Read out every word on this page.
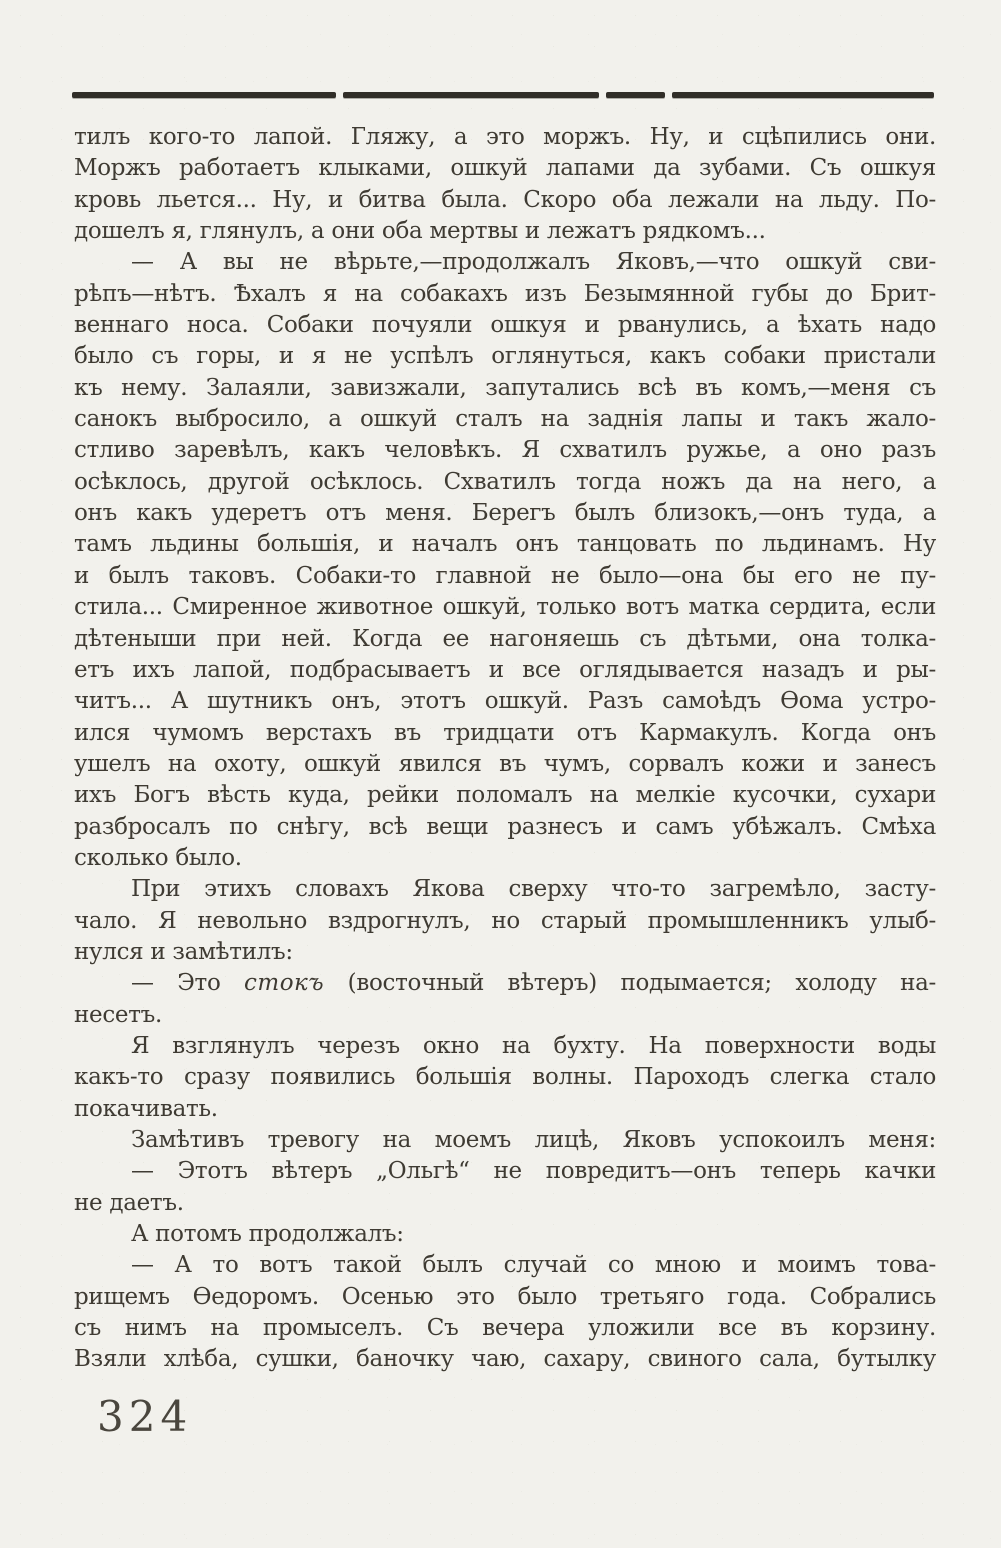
тилъ кого-то лапой. Гляжу, а это моржъ. Ну, и сцѣпились они.
Моржъ работаетъ клыками, ошкуй лапами да зубами. Съ ошкуя
кровь льется... Ну, и битва была. Скоро оба лежали на льду. По-
дошелъ я, глянулъ, а они оба мертвы и лежатъ рядкомъ...
— А вы не вѣрьте,—продолжалъ Яковъ,—что ошкуй сви-
рѣпъ—нѣтъ. Ѣхалъ я на собакахъ изъ Безымянной губы до Брит-
веннаго носа. Собаки почуяли ошкуя и рванулись, а ѣхать надо
было съ горы, и я не успѣлъ оглянуться, какъ собаки пристали
къ нему. Залаяли, завизжали, запутались всѣ въ комъ,—меня съ
санокъ выбросило, а ошкуй сталъ на заднія лапы и такъ жало-
стливо заревѣлъ, какъ человѣкъ. Я схватилъ ружье, а оно разъ
осѣклось, другой осѣклось. Схватилъ тогда ножъ да на него, а
онъ какъ удеретъ отъ меня. Берегъ былъ близокъ,—онъ туда, а
тамъ льдины большія, и началъ онъ танцовать по льдинамъ. Ну
и былъ таковъ. Собаки-то главной не было—она бы его не пу-
стила... Смиренное животное ошкуй, только вотъ матка сердита, если
дѣтеныши при ней. Когда ее нагоняешь съ дѣтьми, она толка-
етъ ихъ лапой, подбрасываетъ и все оглядывается назадъ и ры-
читъ... А шутникъ онъ, этотъ ошкуй. Разъ самоѣдъ Ѳома устро-
ился чумомъ верстахъ въ тридцати отъ Кармакулъ. Когда онъ
ушелъ на охоту, ошкуй явился въ чумъ, сорвалъ кожи и занесъ
ихъ Богъ вѣсть куда, рейки поломалъ на мелкіе кусочки, сухари
разбросалъ по снѣгу, всѣ вещи разнесъ и самъ убѣжалъ. Смѣха
сколько было.
При этихъ словахъ Якова сверху что-то загремѣло, засту-
чало. Я невольно вздрогнулъ, но старый промышленникъ улыб-
нулся и замѣтилъ:
— Это стокъ (восточный вѣтеръ) подымается; холоду на-
несетъ.
Я взглянулъ черезъ окно на бухту. На поверхности воды
какъ-то сразу появились большія волны. Пароходъ слегка стало
покачивать.
Замѣтивъ тревогу на моемъ лицѣ, Яковъ успокоилъ меня:
— Этотъ вѣтеръ „Ольгѣ“ не повредитъ—онъ теперь качки
не даетъ.
А потомъ продолжалъ:
— А то вотъ такой былъ случай со мною и моимъ това-
рищемъ Ѳедоромъ. Осенью это было третьяго года. Собрались
съ нимъ на промыселъ. Съ вечера уложили все въ корзину.
Взяли хлѣба, сушки, баночку чаю, сахару, свиного сала, бутылку
324
